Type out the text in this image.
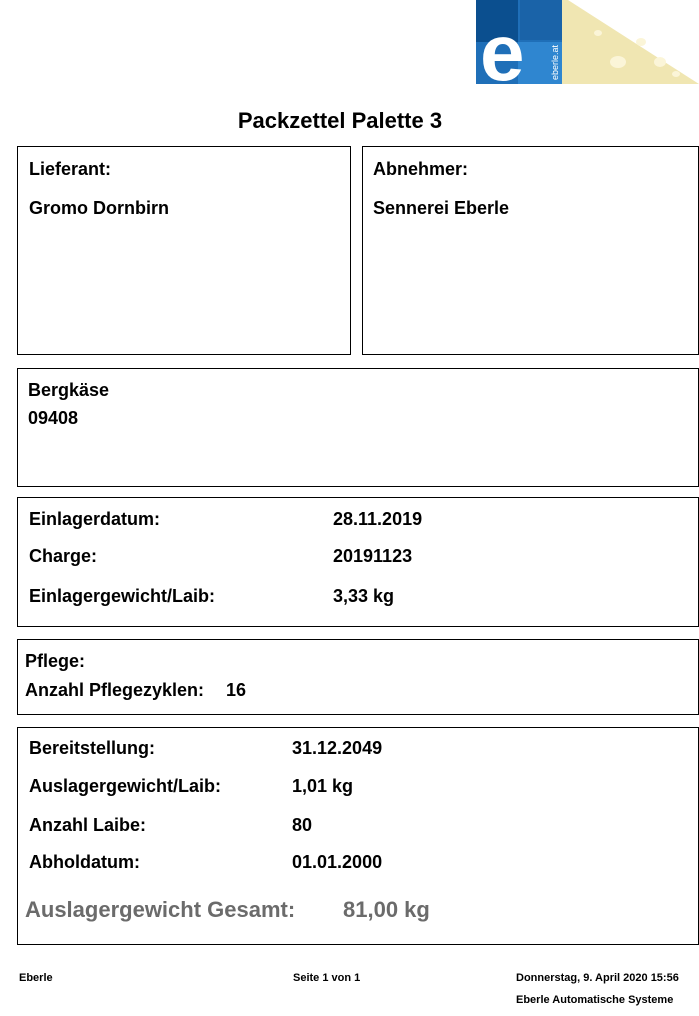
e	eberle.at
Packzettel Palette 3
Lieferant:
Gromo Dornbirn
Abnehmer:
Sennerei Eberle
Bergkäse
09408
Einlagerdatum:	28.11.2019
Charge:	20191123
Einlagergewicht/Laib:	3,33 kg
Pflege:
Anzahl Pflegezyklen: 16
Bereitstellung:	31.12.2049
Auslagergewicht/Laib:	1,01 kg
Anzahl Laibe:	80
Abholdatum:	01.01.2000
Auslagergewicht Gesamt: 81,00 kg
Eberle	Seite 1 von 1	Donnerstag, 9. April 2020 15:56
Eberle Automatische Systeme
